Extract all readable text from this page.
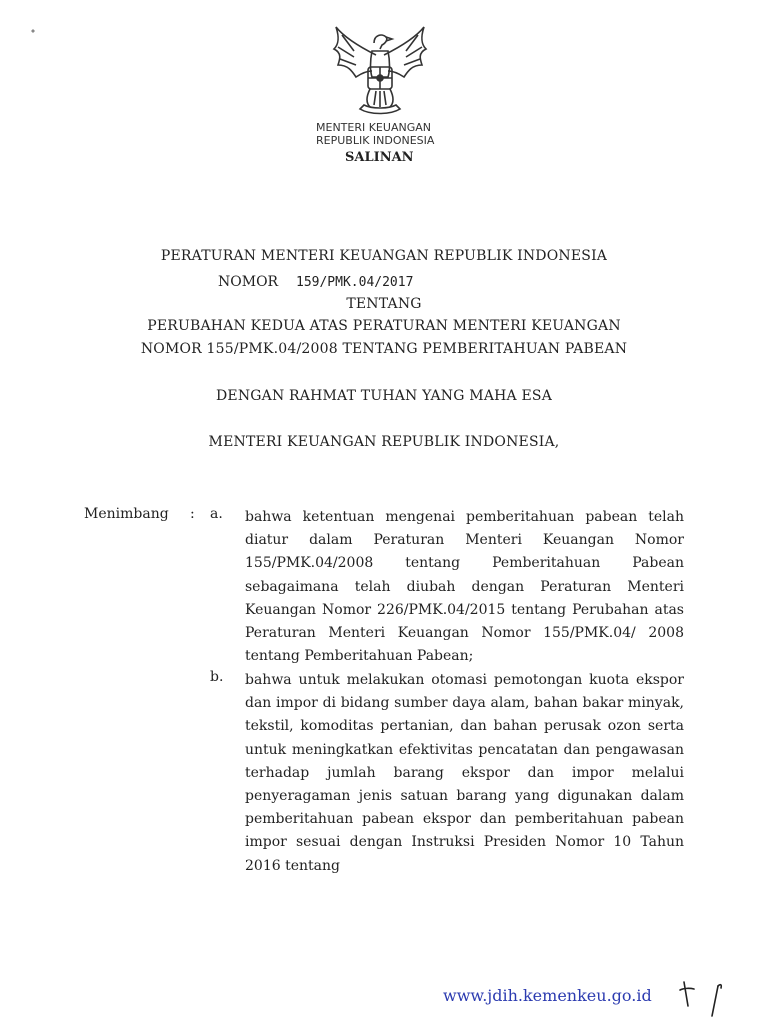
MENTERI KEUANGAN
REPUBLIK INDONESIA
SALINAN
PERATURAN MENTERI KEUANGAN REPUBLIK INDONESIA
NOMOR 159/PMK.04/2017
TENTANG
PERUBAHAN KEDUA ATAS PERATURAN MENTERI KEUANGAN
NOMOR 155/PMK.04/2008 TENTANG PEMBERITAHUAN PABEAN
DENGAN RAHMAT TUHAN YANG MAHA ESA
MENTERI KEUANGAN REPUBLIK INDONESIA,
Menimbang : a. bahwa ketentuan mengenai pemberitahuan pabean telah diatur dalam Peraturan Menteri Keuangan Nomor 155/PMK.04/2008 tentang Pemberitahuan Pabean sebagaimana telah diubah dengan Peraturan Menteri Keuangan Nomor 226/PMK.04/2015 tentang Perubahan atas Peraturan Menteri Keuangan Nomor 155/PMK.04/ 2008 tentang Pemberitahuan Pabean;
b. bahwa untuk melakukan otomasi pemotongan kuota ekspor dan impor di bidang sumber daya alam, bahan bakar minyak, tekstil, komoditas pertanian, dan bahan perusak ozon serta untuk meningkatkan efektivitas pencatatan dan pengawasan terhadap jumlah barang ekspor dan impor melalui penyeragaman jenis satuan barang yang digunakan dalam pemberitahuan pabean ekspor dan pemberitahuan pabean impor sesuai dengan Instruksi Presiden Nomor 10 Tahun 2016 tentang
www.jdih.kemenkeu.go.id
